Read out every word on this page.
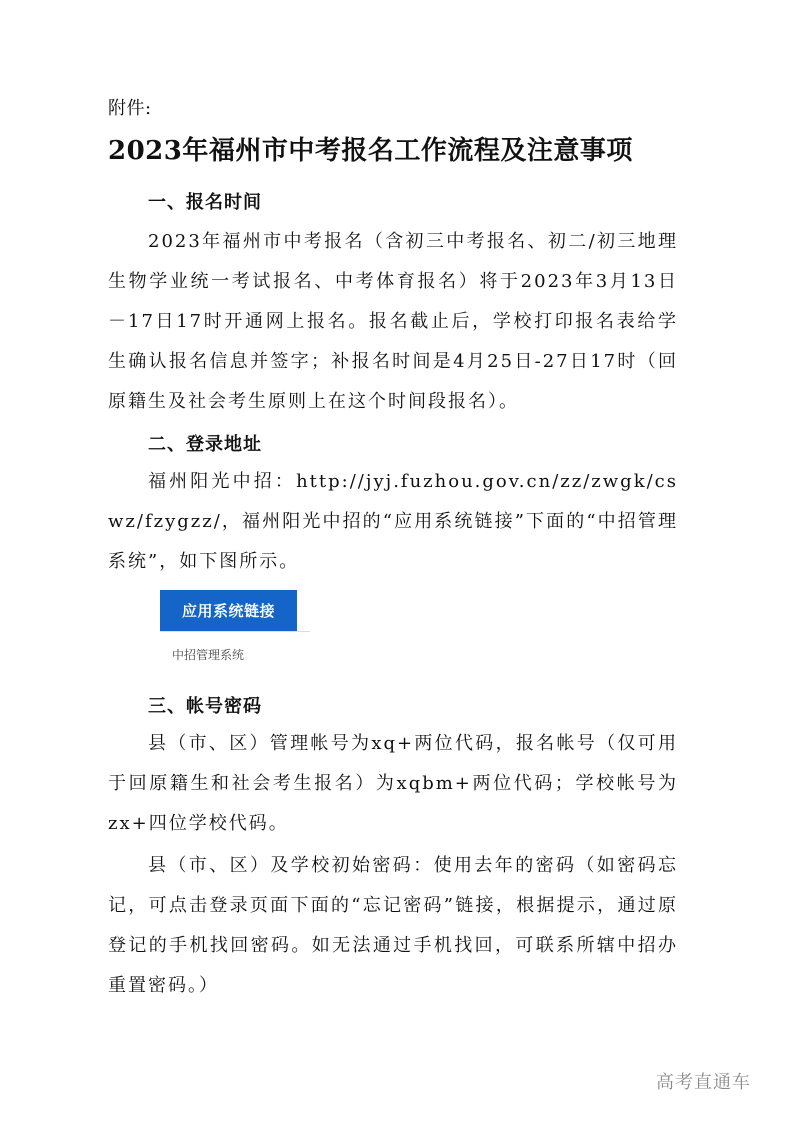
附件:
2023年福州市中考报名工作流程及注意事项
一、报名时间
2023年福州市中考报名（含初三中考报名、初二/初三地理生物学业统一考试报名、中考体育报名）将于2023年3月13日－17日17时开通网上报名。报名截止后，学校打印报名表给学生确认报名信息并签字；补报名时间是4月25日-27日17时（回原籍生及社会考生原则上在这个时间段报名）。
二、登录地址
福州阳光中招：http://jyj.fuzhou.gov.cn/zz/zwgk/cswz/fzygzz/，福州阳光中招的“应用系统链接”下面的“中招管理系统”，如下图所示。
应用系统链接
中招管理系统
三、帐号密码
县（市、区）管理帐号为xq+两位代码，报名帐号（仅可用于回原籍生和社会考生报名）为xqbm+两位代码；学校帐号为 zx+四位学校代码。
县（市、区）及学校初始密码：使用去年的密码（如密码忘记，可点击登录页面下面的“忘记密码”链接，根据提示，通过原登记的手机找回密码。如无法通过手机找回，可联系所辖中招办重置密码。）
高考直通车
